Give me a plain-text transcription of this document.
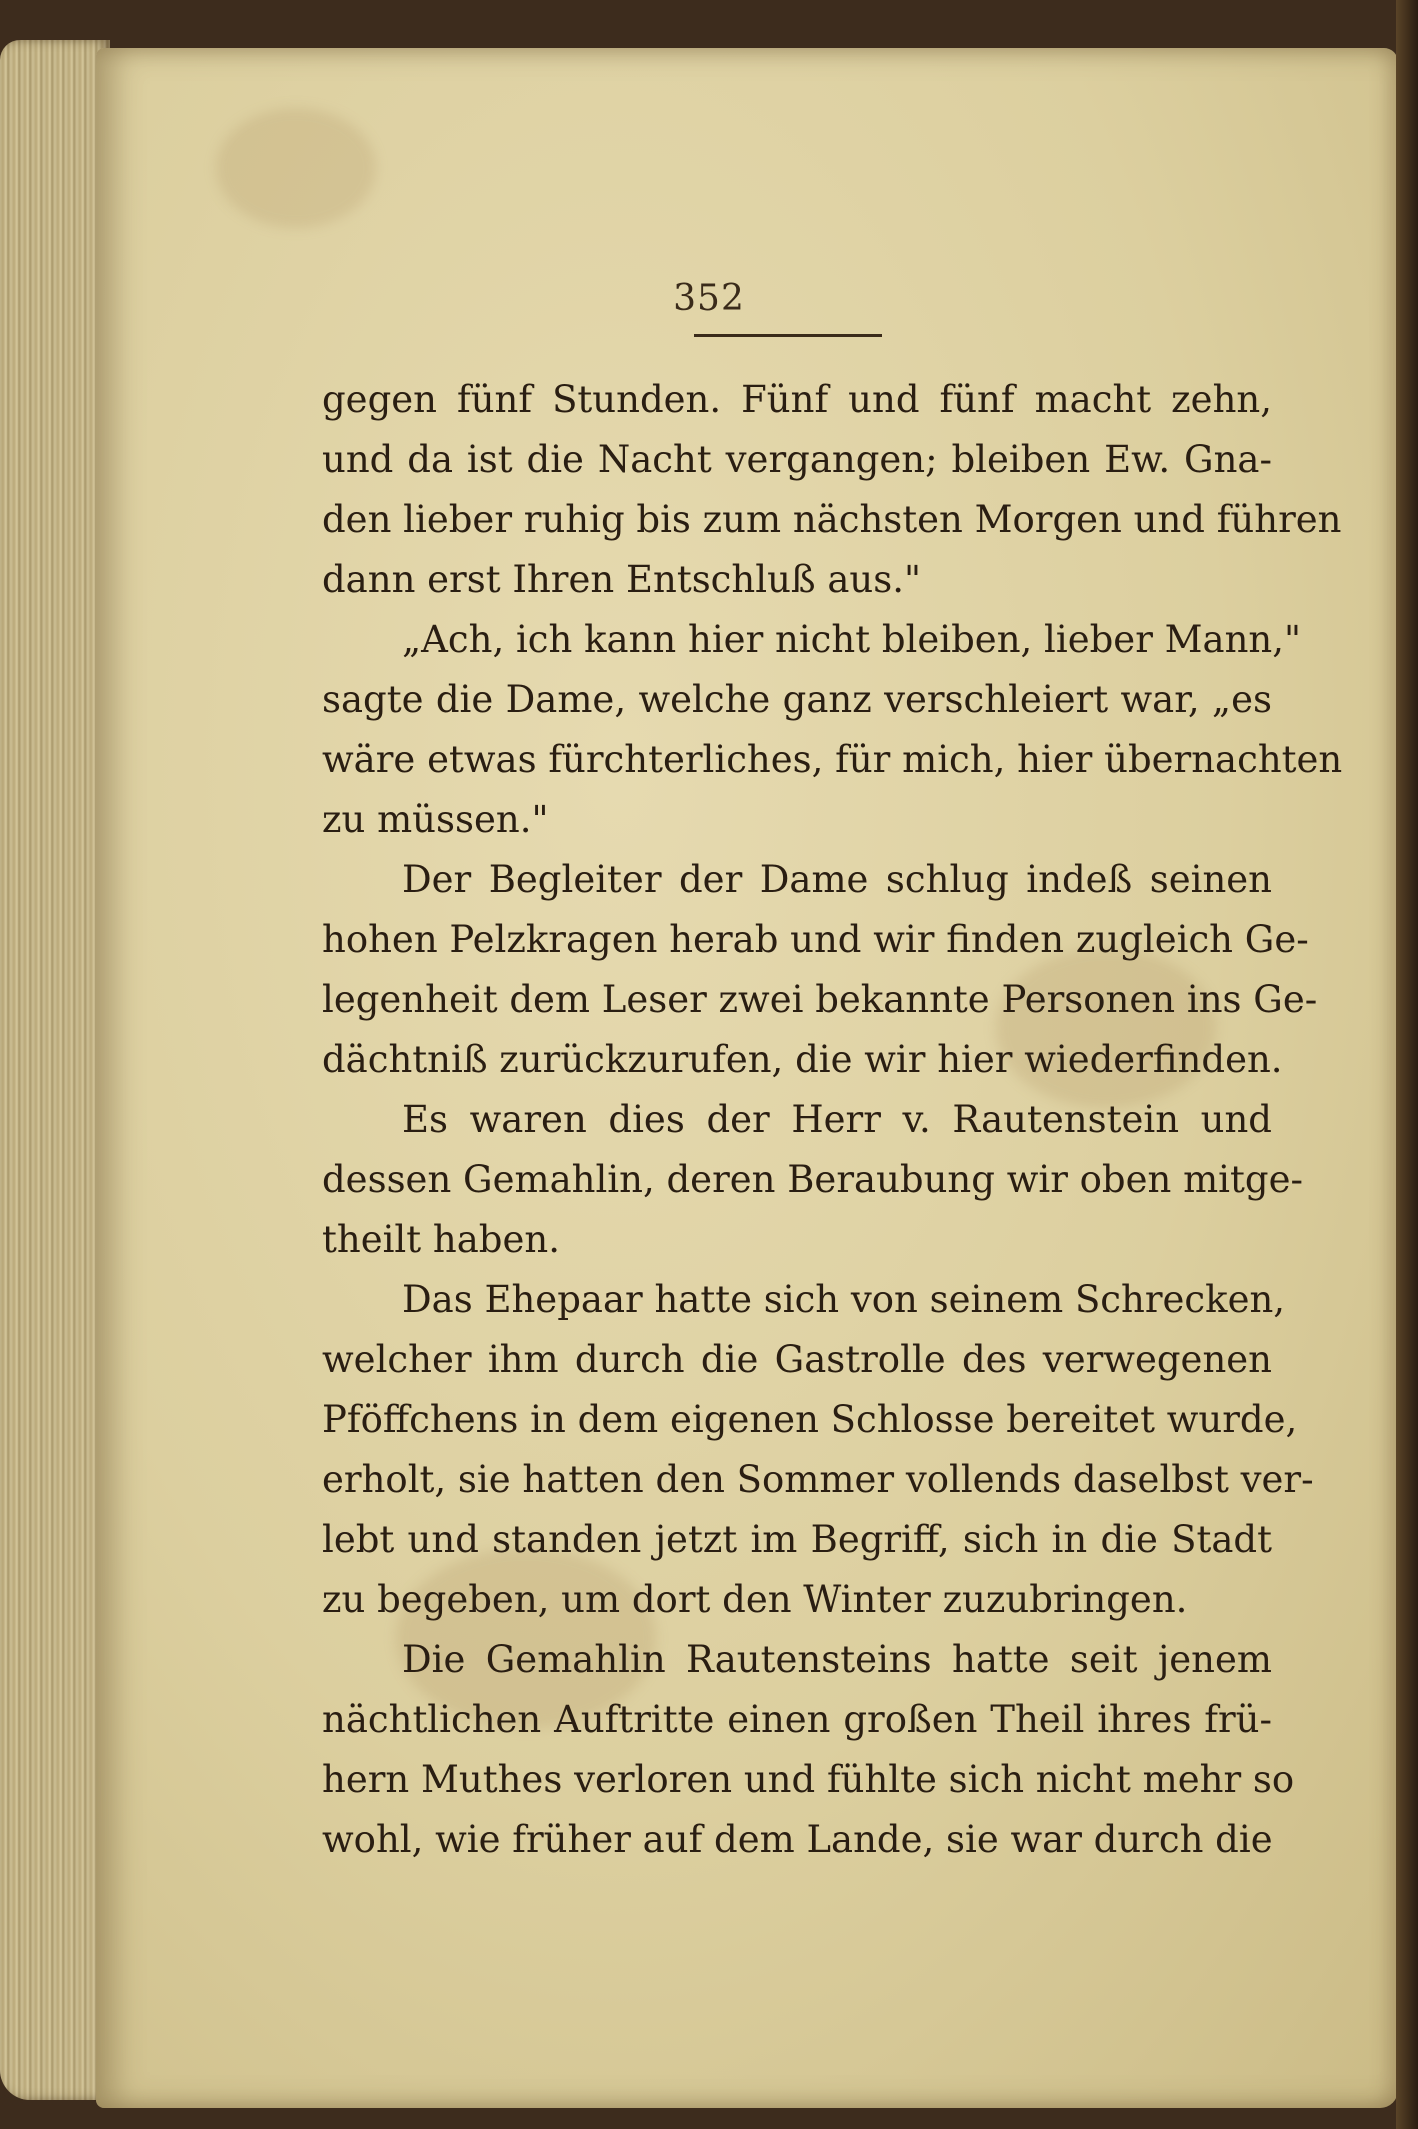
352
gegen fünf Stunden. Fünf und fünf macht zehn,
und da ist die Nacht vergangen; bleiben Ew. Gna-
den lieber ruhig bis zum nächsten Morgen und führen
dann erst Ihren Entschluß aus."
„Ach, ich kann hier nicht bleiben, lieber Mann,"
sagte die Dame, welche ganz verschleiert war, „es
wäre etwas fürchterliches, für mich, hier übernachten
zu müssen."
Der Begleiter der Dame schlug indeß seinen
hohen Pelzkragen herab und wir finden zugleich Ge-
legenheit dem Leser zwei bekannte Personen ins Ge-
dächtniß zurückzurufen, die wir hier wiederfinden.
Es waren dies der Herr v. Rautenstein und
dessen Gemahlin, deren Beraubung wir oben mitge-
theilt haben.
Das Ehepaar hatte sich von seinem Schrecken,
welcher ihm durch die Gastrolle des verwegenen
Pföffchens in dem eigenen Schlosse bereitet wurde,
erholt, sie hatten den Sommer vollends daselbst ver-
lebt und standen jetzt im Begriff, sich in die Stadt
zu begeben, um dort den Winter zuzubringen.
Die Gemahlin Rautensteins hatte seit jenem
nächtlichen Auftritte einen großen Theil ihres frü-
hern Muthes verloren und fühlte sich nicht mehr so
wohl, wie früher auf dem Lande, sie war durch die
